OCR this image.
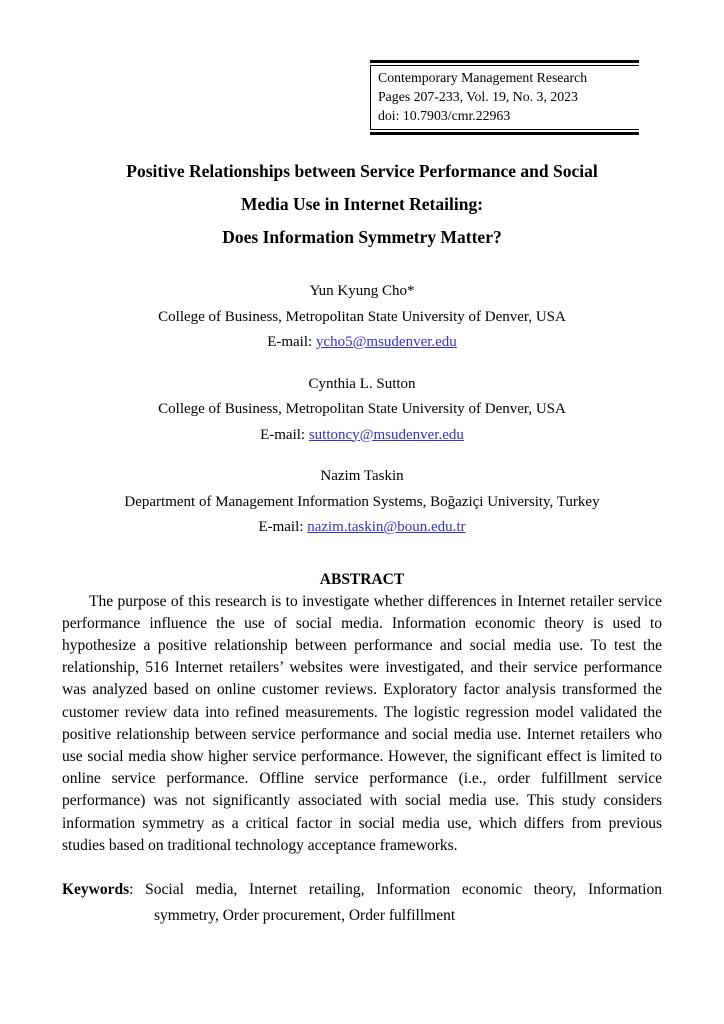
Contemporary Management Research
Pages 207-233, Vol. 19, No. 3, 2023
doi: 10.7903/cmr.22963
Positive Relationships between Service Performance and Social
Media Use in Internet Retailing:
Does Information Symmetry Matter?
Yun Kyung Cho*
College of Business, Metropolitan State University of Denver, USA
E-mail: ycho5@msudenver.edu
Cynthia L. Sutton
College of Business, Metropolitan State University of Denver, USA
E-mail: suttoncy@msudenver.edu
Nazim Taskin
Department of Management Information Systems, Boğaziçi University, Turkey
E-mail: nazim.taskin@boun.edu.tr
ABSTRACT

The purpose of this research is to investigate whether differences in Internet retailer service performance influence the use of social media. Information economic theory is used to hypothesize a positive relationship between performance and social media use. To test the relationship, 516 Internet retailers’ websites were investigated, and their service performance was analyzed based on online customer reviews. Exploratory factor analysis transformed the customer review data into refined measurements. The logistic regression model validated the positive relationship between service performance and social media use. Internet retailers who use social media show higher service performance. However, the significant effect is limited to online service performance. Offline service performance (i.e., order fulfillment service performance) was not significantly associated with social media use. This study considers information symmetry as a critical factor in social media use, which differs from previous studies based on traditional technology acceptance frameworks.

Keywords: Social media, Internet retailing, Information economic theory, Information symmetry, Order procurement, Order fulfillment
